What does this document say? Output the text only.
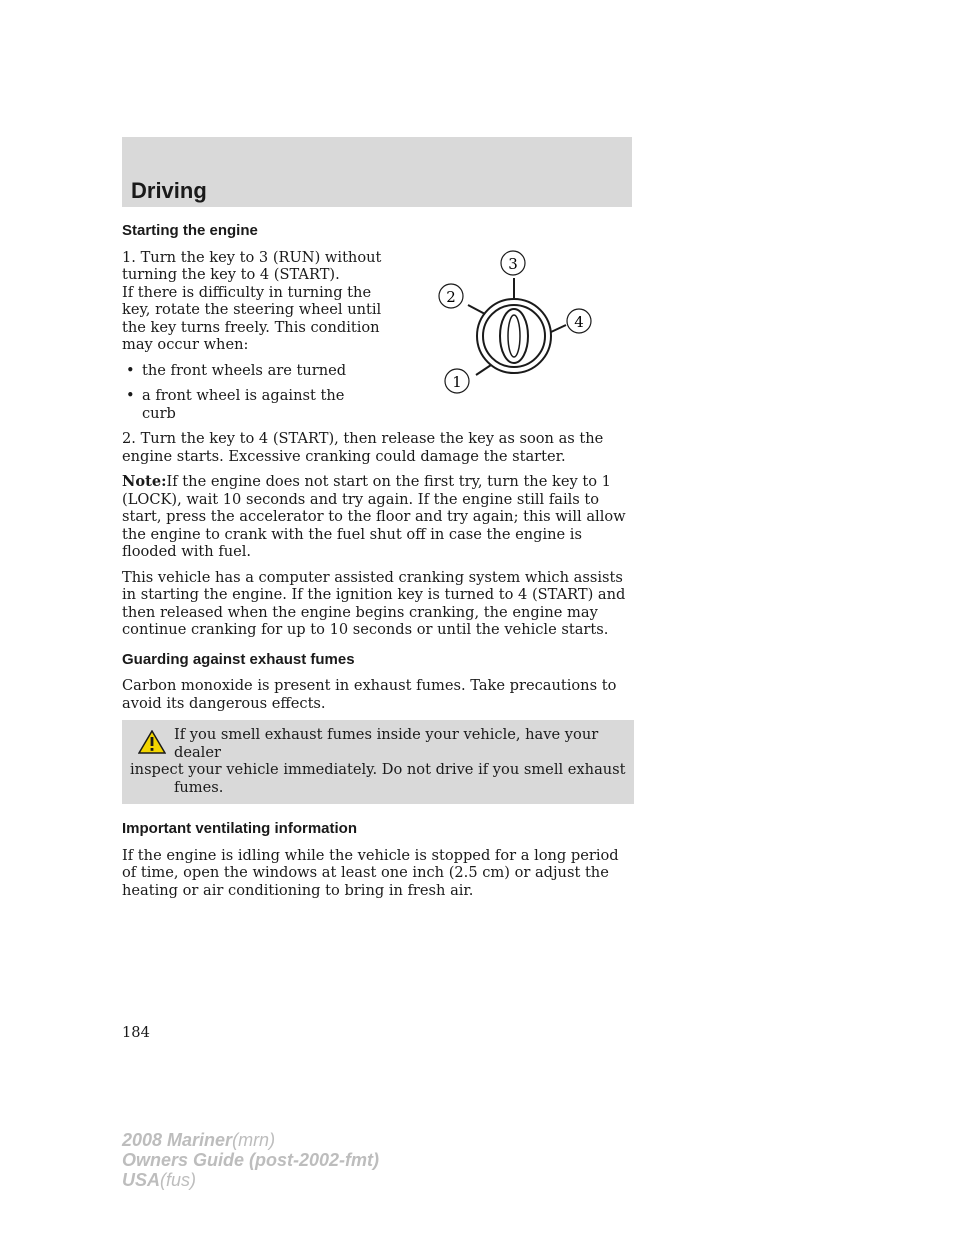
Driving
Starting the engine

1. Turn the key to 3 (RUN) without turning the key to 4 (START).

If there is difficulty in turning the key, rotate the steering wheel until the key turns freely. This condition may occur when:

• the front wheels are turned
• a front wheel is against the curb

2. Turn the key to 4 (START), then release the key as soon as the engine starts. Excessive cranking could damage the starter.

Note:If the engine does not start on the first try, turn the key to 1 (LOCK), wait 10 seconds and try again. If the engine still fails to start, press the accelerator to the floor and try again; this will allow the engine to crank with the fuel shut off in case the engine is flooded with fuel.

This vehicle has a computer assisted cranking system which assists in starting the engine. If the ignition key is turned to 4 (START) and then released when the engine begins cranking, the engine may continue cranking for up to 10 seconds or until the vehicle starts.

Guarding against exhaust fumes

Carbon monoxide is present in exhaust fumes. Take precautions to avoid its dangerous effects.

If you smell exhaust fumes inside your vehicle, have your dealer
inspect your vehicle immediately. Do not drive if you smell exhaust fumes.
Important ventilating information

If the engine is idling while the vehicle is stopped for a long period of time, open the windows at least one inch (2.5 cm) or adjust the heating or air conditioning to bring in fresh air.

3
4
2
1
184
2008 Mariner(mrn)
Owners Guide (post-2002-fmt)
USA(fus)
